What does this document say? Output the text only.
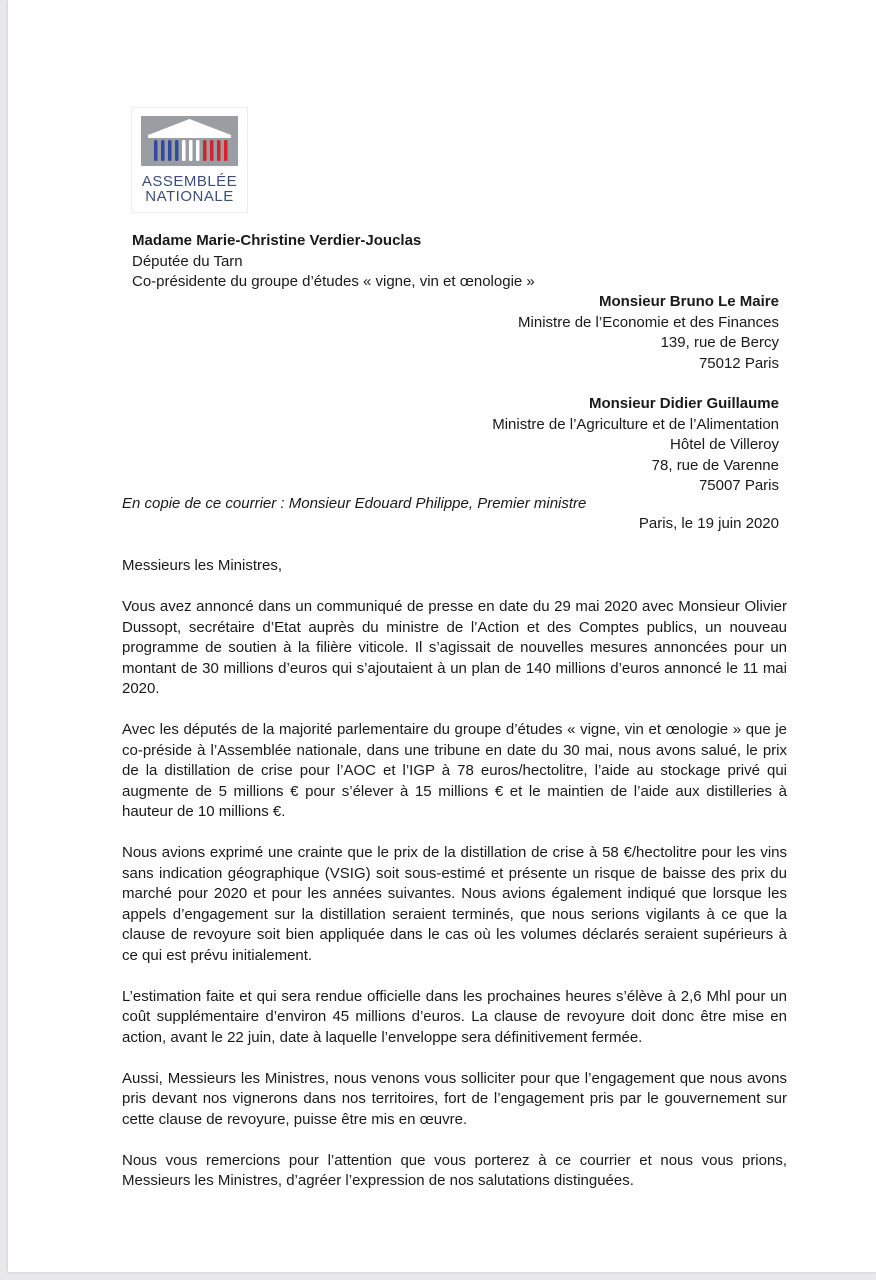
ASSEMBLÉE
NATIONALE
Madame Marie-Christine Verdier-Jouclas
Députée du Tarn
Co-présidente du groupe d’études « vigne, vin et œnologie »
Monsieur Bruno Le Maire
Ministre de l’Economie et des Finances
139, rue de Bercy
75012 Paris
Monsieur Didier Guillaume
Ministre de l’Agriculture et de l’Alimentation
Hôtel de Villeroy
78, rue de Varenne
75007 Paris
En copie de ce courrier : Monsieur Edouard Philippe, Premier ministre
Paris, le 19 juin 2020

Messieurs les Ministres,

Vous avez annoncé dans un communiqué de presse en date du 29 mai 2020 avec Monsieur Olivier Dussopt, secrétaire d’Etat auprès du ministre de l’Action et des Comptes publics, un nouveau programme de soutien à la filière viticole. Il s’agissait de nouvelles mesures annoncées pour un montant de 30 millions d’euros qui s’ajoutaient à un plan de 140 millions d’euros annoncé le 11 mai 2020.

Avec les députés de la majorité parlementaire du groupe d’études « vigne, vin et œnologie » que je co-préside à l’Assemblée nationale, dans une tribune en date du 30 mai, nous avons salué, le prix de la distillation de crise pour l’AOC et l’IGP à 78 euros/hectolitre, l’aide au stockage privé qui augmente de 5 millions € pour s’élever à 15 millions € et le maintien de l’aide aux distilleries à hauteur de 10 millions €.

Nous avions exprimé une crainte que le prix de la distillation de crise à 58 €/hectolitre pour les vins sans indication géographique (VSIG) soit sous-estimé et présente un risque de baisse des prix du marché pour 2020 et pour les années suivantes. Nous avions également indiqué que lorsque les appels d’engagement sur la distillation seraient terminés, que nous serions vigilants à ce que la clause de revoyure soit bien appliquée dans le cas où les volumes déclarés seraient supérieurs à ce qui est prévu initialement.

L’estimation faite et qui sera rendue officielle dans les prochaines heures s’élève à 2,6 Mhl pour un coût supplémentaire d’environ 45 millions d’euros. La clause de revoyure doit donc être mise en action, avant le 22 juin, date à laquelle l’enveloppe sera définitivement fermée.

Aussi, Messieurs les Ministres, nous venons vous solliciter pour que l’engagement que nous avons pris devant nos vignerons dans nos territoires, fort de l’engagement pris par le gouvernement sur cette clause de revoyure, puisse être mis en œuvre.

Nous vous remercions pour l’attention que vous porterez à ce courrier et nous vous prions, Messieurs les Ministres, d’agréer l’expression de nos salutations distinguées.
